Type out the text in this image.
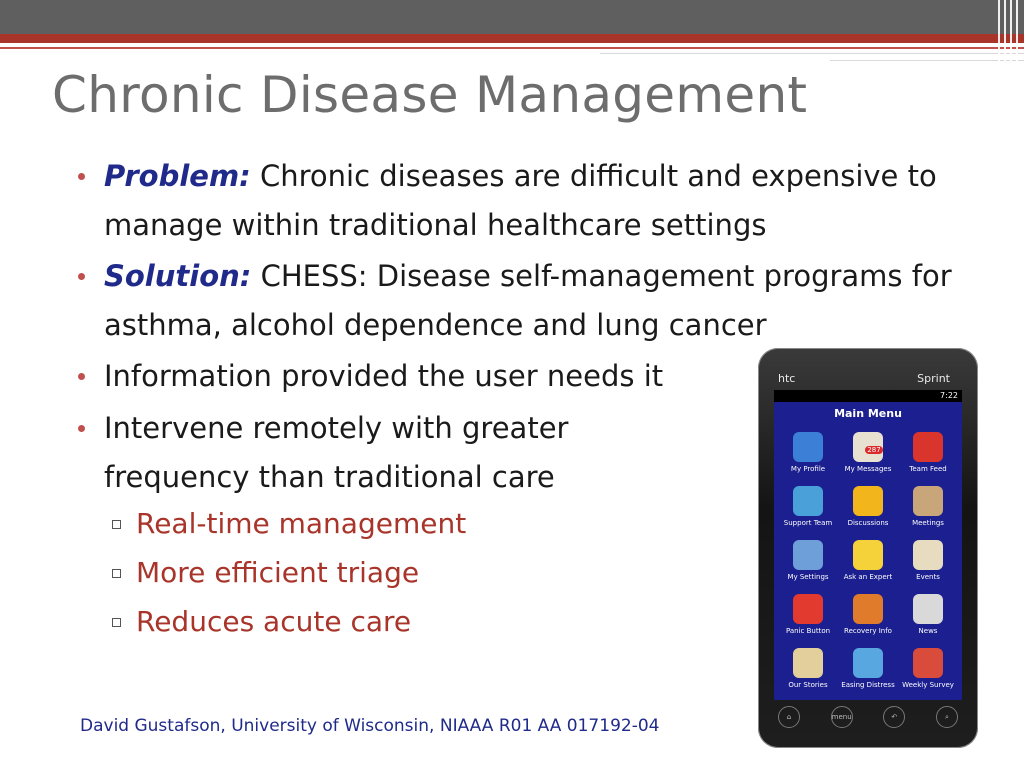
Chronic Disease Management
Problem: Chronic diseases are difficult and expensive to manage within traditional healthcare settings
Solution: CHESS: Disease self-management programs for asthma, alcohol dependence and lung cancer
Information provided the user needs it
Intervene remotely with greater frequency than traditional care
Real-time management
More efficient triage
Reduces acute care
David Gustafson, University of Wisconsin, NIAAA R01 AA 017192-04
htc	Sprint
7:22
Main Menu
My Profile
287
My Messages	Team Feed
Support Team	Discussions	Meetings
My Settings	Ask an Expert	Events
Panic Button	Recovery Info	News
Our Stories	Easing Distress	Weekly Survey
⌂	menu	↶	⌕
